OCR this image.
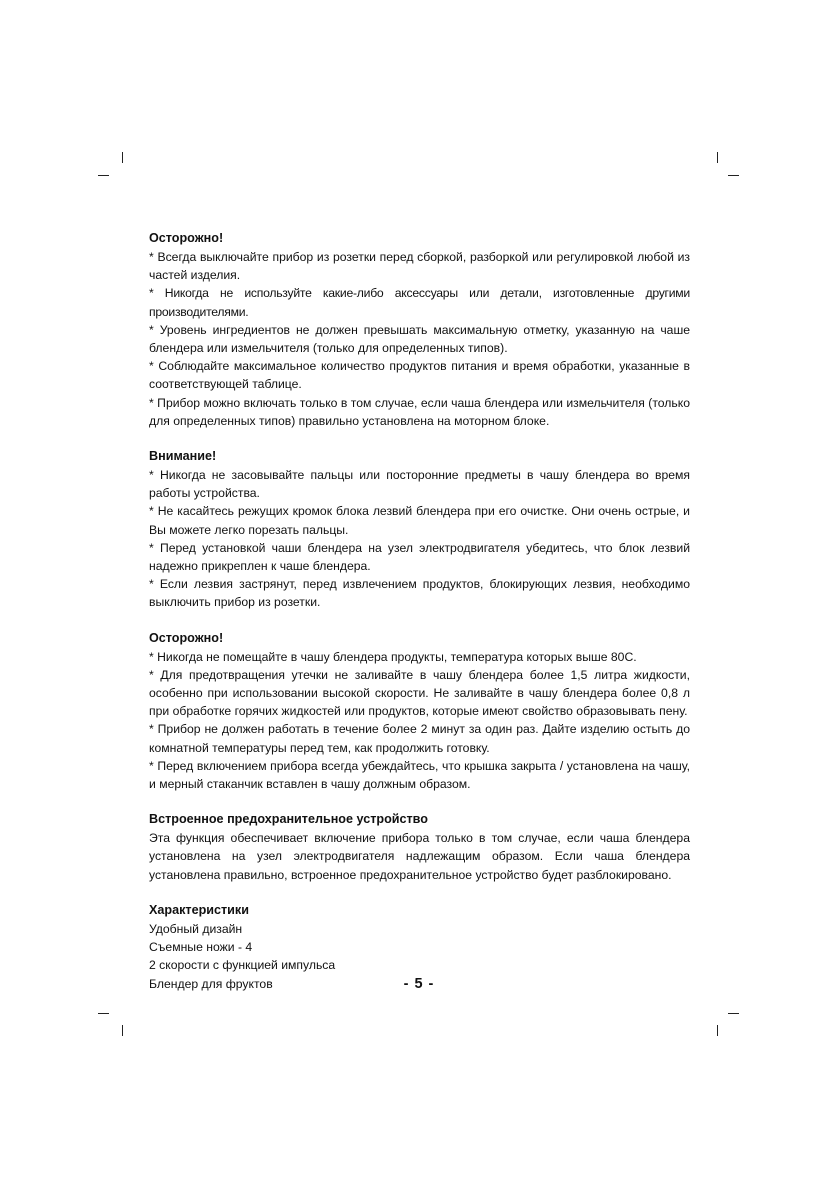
Осторожно!

* Всегда выключайте прибор из розетки перед сборкой, разборкой или регулировкой любой из частей изделия.

* Никогда не используйте какие-либо аксессуары или детали, изготовленные другими производителями.

* Уровень ингредиентов не должен превышать максимальную отметку, указанную на чаше блендера или измельчителя (только для определенных типов).

* Соблюдайте максимальное количество продуктов питания и время обработки, указанные в соответствующей таблице.

* Прибор можно включать только в том случае, если чаша блендера или измельчителя (только для определенных типов) правильно установлена на моторном блоке.

Внимание!

* Никогда не засовывайте пальцы или посторонние предметы в чашу блендера во время работы устройства.

* Не касайтесь режущих кромок блока лезвий блендера при его очистке. Они очень острые, и Вы можете легко порезать пальцы.

* Перед установкой чаши блендера на узел электродвигателя убедитесь, что блок лезвий надежно прикреплен к чаше блендера.

* Если лезвия застрянут, перед извлечением продуктов, блокирующих лезвия, необходимо выключить прибор из розетки.

Осторожно!

* Никогда не помещайте в чашу блендера продукты, температура которых выше 80С.

* Для предотвращения утечки не заливайте в чашу блендера более 1,5 литра жидкости, особенно при использовании высокой скорости. Не заливайте в чашу блендера более 0,8 л при обработке горячих жидкостей или продуктов, которые имеют свойство образовывать пену.

* Прибор не должен работать в течение более 2 минут за один раз. Дайте изделию остыть до комнатной температуры перед тем, как продолжить готовку.

* Перед включением прибора всегда убеждайтесь, что крышка закрыта / установлена на чашу, и мерный стаканчик вставлен в чашу должным образом.

Встроенное предохранительное устройство

Эта функция обеспечивает включение прибора только в том случае, если чаша блендера установлена на узел электродвигателя надлежащим образом. Если чаша блендера установлена правильно, встроенное предохранительное устройство будет разблокировано.

Характеристики

Удобный дизайн

Съемные ножи - 4

2 скорости с функцией импульса

Блендер для фруктов	- 5 -
